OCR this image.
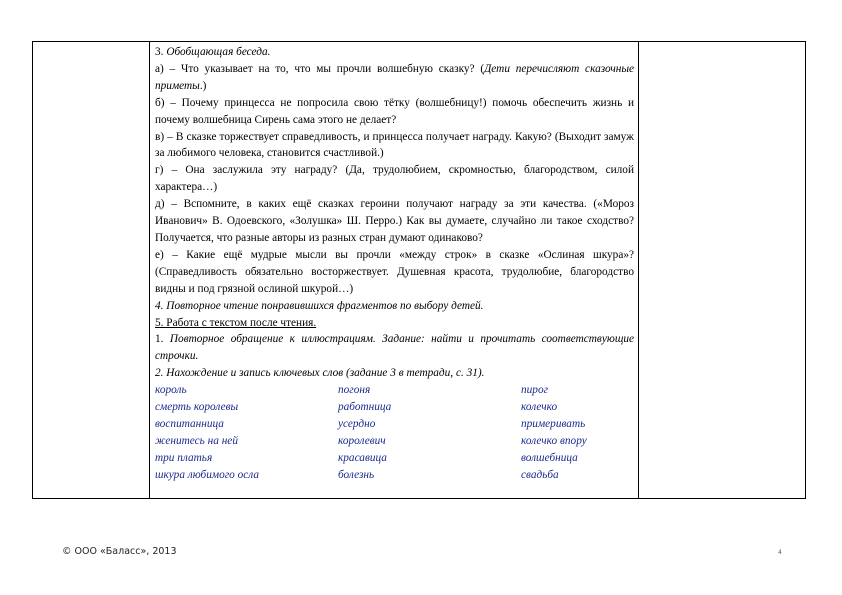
3. Обобщающая беседа.

а) – Что указывает на то, что мы прочли волшебную сказку? (Дети перечисляют сказочные приметы.)

б) – Почему принцесса не попросила свою тётку (волшебницу!) помочь обеспечить жизнь и почему волшебница Сирень сама этого не делает?

в) – В сказке торжествует справедливость, и принцесса получает награду. Какую? (Выходит замуж за любимого человека, становится счастливой.)

г) – Она заслужила эту награду? (Да, трудолюбием, скромностью, благородством, силой характера…)

д) – Вспомните, в каких ещё сказках героини получают награду за эти качества. («Мороз Иванович» В. Одоевского, «Золушка» Ш. Перро.) Как вы думаете, случайно ли такое сходство? Получается, что разные авторы из разных стран думают одинаково?

е) – Какие ещё мудрые мысли вы прочли «между строк» в сказке «Ослиная шкура»? (Справедливость обязательно восторжествует. Душевная красота, трудолюбие, благородство видны и под грязной ослиной шкурой…)

4. Повторное чтение понравившихся фрагментов по выбору детей.

5. Работа с текстом после чтения.

1. Повторное обращение к иллюстрациям. Задание: найти и прочитать соответствующие строчки.

2. Нахождение и запись ключевых слов (задание 3 в тетради, с. 31).

король	погоня	пирог
смерть королевы	работница	колечко
воспитанница	усердно	примеривать
женитесь на ней	королевич	колечко впору
три платья	красавица	волшебница
шкура любимого осла	болезнь	свадьба
© ООО «Баласс», 2013	4
